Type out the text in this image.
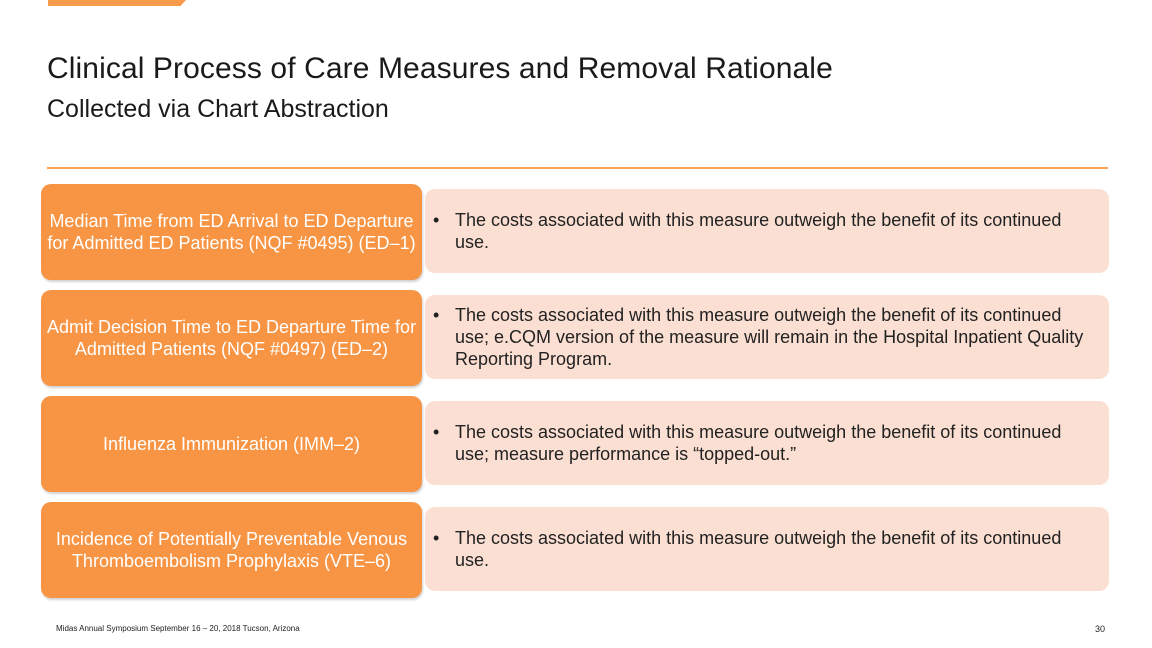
Clinical Process of Care Measures and Removal Rationale
Collected via Chart Abstraction
Median Time from ED Arrival to ED Departure for Admitted ED Patients (NQF #0495) (ED–1)
• The costs associated with this measure outweigh the benefit of its continued use.
Admit Decision Time to ED Departure Time for Admitted Patients (NQF #0497) (ED–2)
• The costs associated with this measure outweigh the benefit of its continued use; e.CQM version of the measure will remain in the Hospital Inpatient Quality Reporting Program.
Influenza Immunization (IMM–2)
• The costs associated with this measure outweigh the benefit of its continued use; measure performance is “topped-out.”
Incidence of Potentially Preventable Venous Thromboembolism Prophylaxis (VTE–6)
• The costs associated with this measure outweigh the benefit of its continued use.
Midas Annual Symposium September 16 – 20, 2018 Tucson, Arizona	30
